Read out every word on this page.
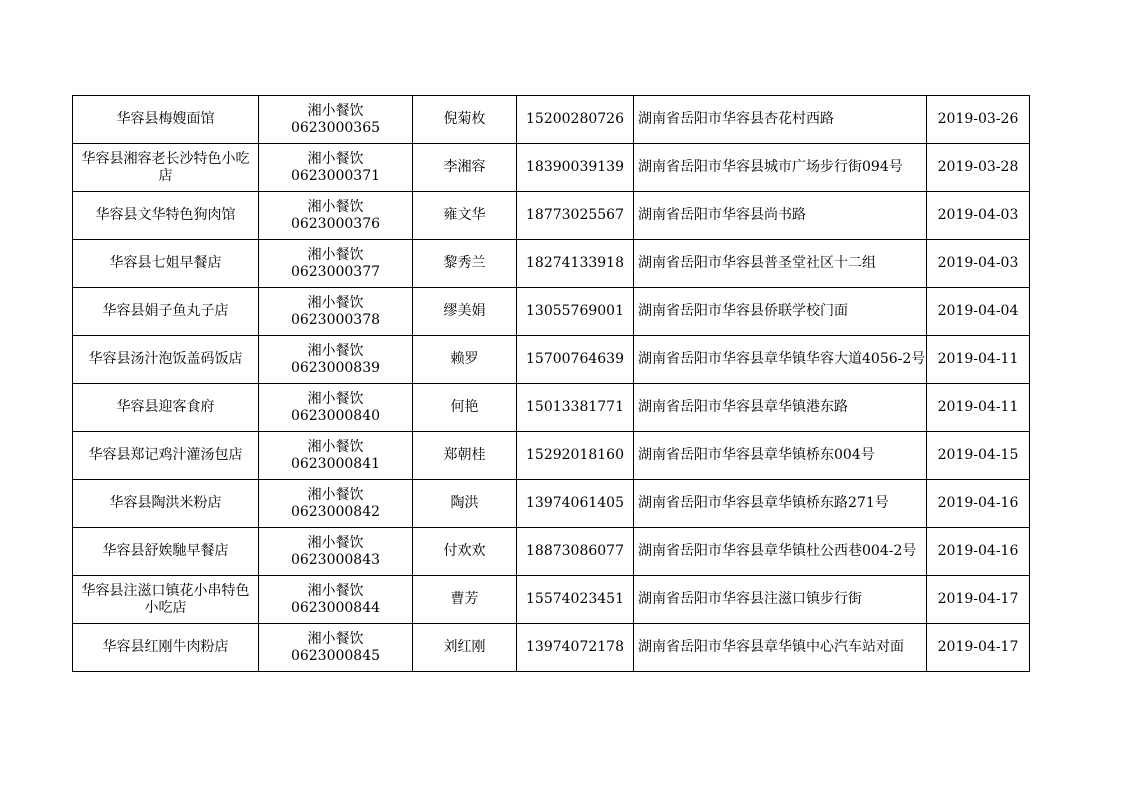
华容县梅嫂面馆	湘小餐饮0623000365	倪菊枚	15200280726	湖南省岳阳市华容县杏花村西路	2019-03-26
华容县湘容老长沙特色小吃店	湘小餐饮0623000371	李湘容	18390039139	湖南省岳阳市华容县城市广场步行街094号	2019-03-28
华容县文华特色狗肉馆	湘小餐饮0623000376	雍文华	18773025567	湖南省岳阳市华容县尚书路	2019-04-03
华容县七姐早餐店	湘小餐饮0623000377	黎秀兰	18274133918	湖南省岳阳市华容县普圣堂社区十二组	2019-04-03
华容县娟子鱼丸子店	湘小餐饮0623000378	缪美娟	13055769001	湖南省岳阳市华容县侨联学校门面	2019-04-04
华容县汤汁泡饭盖码饭店	湘小餐饮0623000839	赖罗	15700764639	湖南省岳阳市华容县章华镇华容大道4056-2号	2019-04-11
华容县迎客食府	湘小餐饮0623000840	何艳	15013381771	湖南省岳阳市华容县章华镇港东路	2019-04-11
华容县郑记鸡汁灌汤包店	湘小餐饮0623000841	郑朝桂	15292018160	湖南省岳阳市华容县章华镇桥东004号	2019-04-15
华容县陶洪米粉店	湘小餐饮0623000842	陶洪	13974061405	湖南省岳阳市华容县章华镇桥东路271号	2019-04-16
华容县舒娭馳早餐店	湘小餐饮0623000843	付欢欢	18873086077	湖南省岳阳市华容县章华镇杜公西巷004-2号	2019-04-16
华容县注滋口镇花小串特色小吃店	湘小餐饮0623000844	曹芳	15574023451	湖南省岳阳市华容县注滋口镇步行街	2019-04-17
华容县红刚牛肉粉店	湘小餐饮0623000845	刘红刚	13974072178	湖南省岳阳市华容县章华镇中心汽车站对面	2019-04-17
